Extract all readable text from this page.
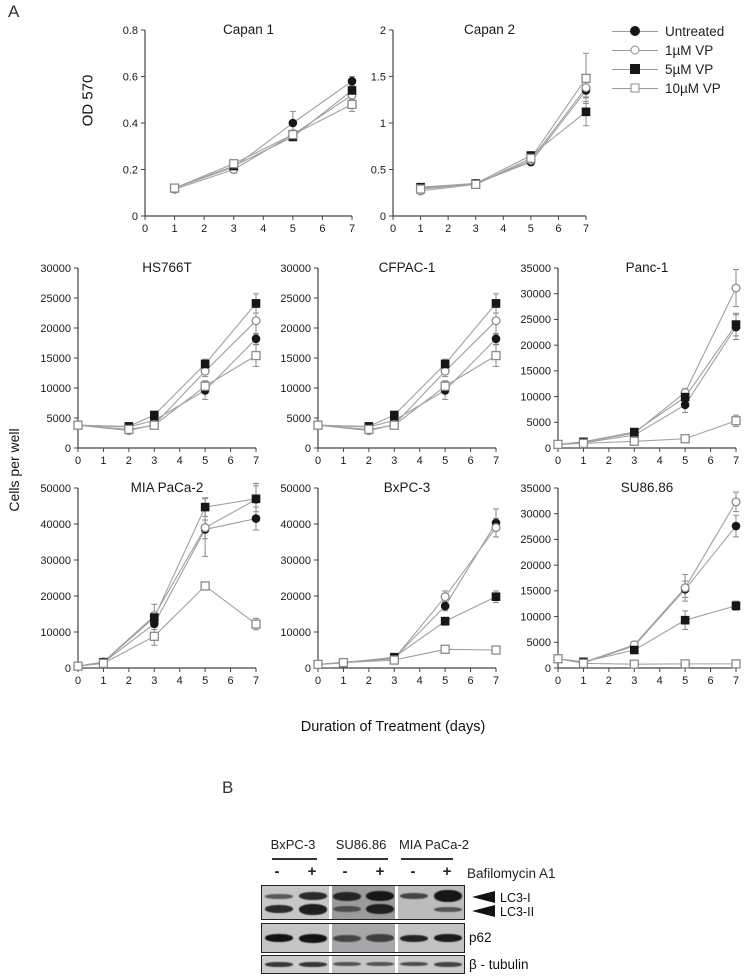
A
OD 570
Cells per well
0
0.2
0.4
0.6
0.8
0 1 2 3 4 5 6 7
Capan 1
0
0.5
1
1.5
2
0 1 2 3 4 5 6 7
Capan 2	Untreated
1µM VP
5µM VP
10µM VP
0
5000
10000
15000
20000
25000
30000
0 1 2 3 4 5 6 7
HS766T
0
5000
10000
15000
20000
25000
30000
0 1 2 3 4 5 6 7
CFPAC-1
0
5000
10000
15000
20000
25000
30000
35000
0 1 2 3 4 5 6 7
Panc-1
0
10000
20000
30000
40000
50000
0 1 2 3 4 5 6 7
MIA PaCa-2
0
10000
20000
30000
40000
50000
0 1 2 3 4 5 6 7
BxPC-3
0
5000
10000
15000
20000
25000
30000
35000
0 1 2 3 4 5 6 7
SU86.86
Duration of Treatment (days)
B
BxPC-3	SU86.86 MIA PaCa-2
-	+	-	+	-	+ Bafilomycin A1
LC3-I
LC3-II
p62
β - tubulin
